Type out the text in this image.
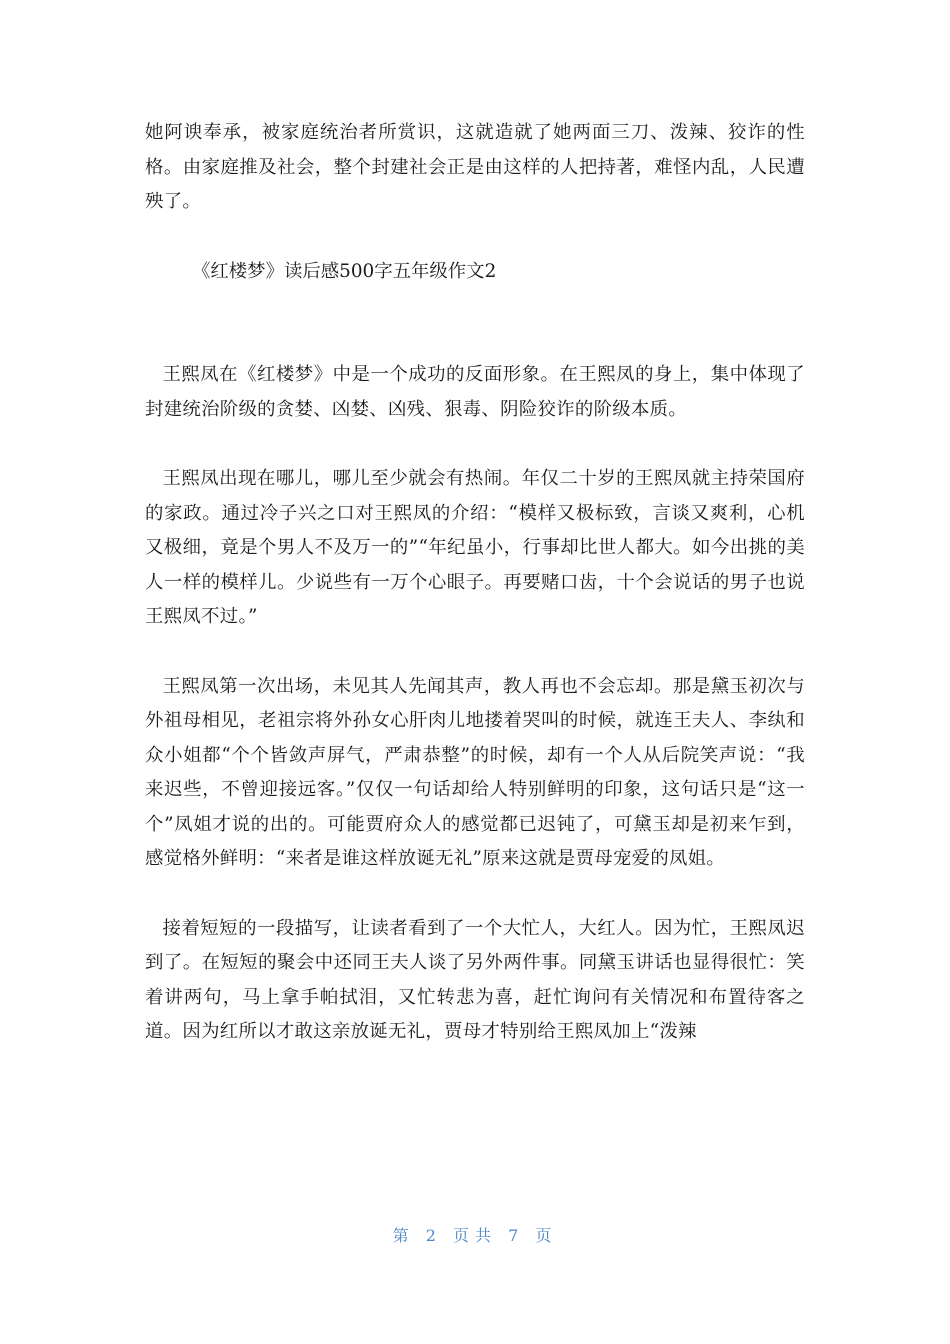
她阿谀奉承，被家庭统治者所赏识，这就造就了她两面三刀、泼辣、狡诈的性格。由家庭推及社会，整个封建社会正是由这样的人把持著，难怪内乱，人民遭殃了。

《红楼梦》读后感500字五年级作文2

王熙凤在《红楼梦》中是一个成功的反面形象。在王熙凤的身上，集中体现了封建统治阶级的贪婪、凶婪、凶残、狠毒、阴险狡诈的阶级本质。

王熙凤出现在哪儿，哪儿至少就会有热闹。年仅二十岁的王熙凤就主持荣国府的家政。通过冷子兴之口对王熙凤的介绍：“模样又极标致，言谈又爽利，心机又极细，竟是个男人不及万一的”“年纪虽小，行事却比世人都大。如今出挑的美人一样的模样儿。少说些有一万个心眼子。再要赌口齿，十个会说话的男子也说王熙凤不过。”

王熙凤第一次出场，未见其人先闻其声，教人再也不会忘却。那是黛玉初次与外祖母相见，老祖宗将外孙女心肝肉儿地搂着哭叫的时候，就连王夫人、李纨和众小姐都“个个皆敛声屏气，严肃恭整”的时候，却有一个人从后院笑声说：“我来迟些，不曾迎接远客。”仅仅一句话却给人特别鲜明的印象，这句话只是“这一个”凤姐才说的出的。可能贾府众人的感觉都已迟钝了，可黛玉却是初来乍到，感觉格外鲜明：“来者是谁这样放诞无礼”原来这就是贾母宠爱的凤姐。

接着短短的一段描写，让读者看到了一个大忙人，大红人。因为忙，王熙凤迟到了。在短短的聚会中还同王夫人谈了另外两件事。同黛玉讲话也显得很忙：笑着讲两句，马上拿手帕拭泪，又忙转悲为喜，赶忙询问有关情况和布置待客之道。因为红所以才敢这亲放诞无礼，贾母才特别给王熙凤加上“泼辣

第 2 页共 7 页
